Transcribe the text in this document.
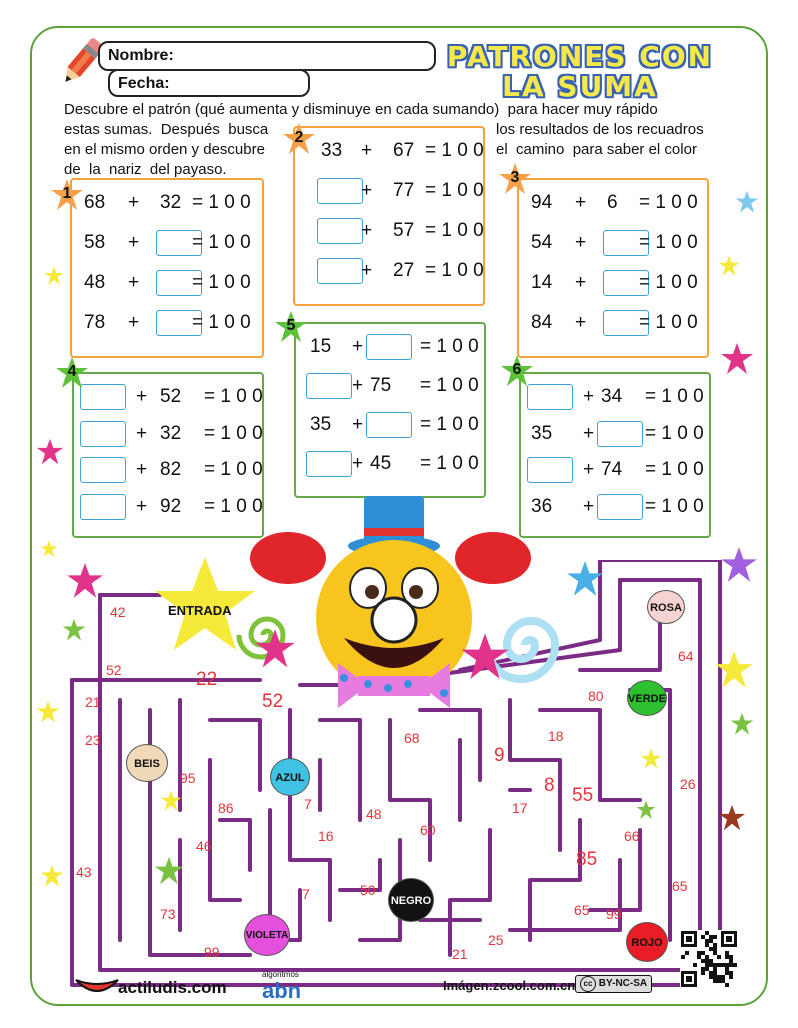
Nombre:
Fecha:
PATRONES CON
LA SUMA
Descubre el patrón (qué aumenta y disminuye en cada sumando)  para hacer muy rápido
estas sumas.  Después  busca	los resultados de los recuadros
en el mismo orden y descubre	el  camino  para saber el color
de  la  nariz  del payaso.
68 + 32 = 1 0 0
58 +	= 1 0 0
48 +	= 1 0 0
78 +	= 1 0 0
1
33 + 67 = 1 0 0
+ 77 = 1 0 0
+ 57 = 1 0 0
+ 27 = 1 0 0
2
94 + 6 = 1 0 0
54 +	= 1 0 0
14 +	= 1 0 0
84 +	= 1 0 0
3
+ 52 = 1 0 0
+ 32 = 1 0 0
+ 82 = 1 0 0
+ 92 = 1 0 0
4
15 +	= 1 0 0
+ 75 = 1 0 0
35 +	= 1 0 0
+ 45 = 1 0 0
5
+ 34 = 1 0 0
35 +	= 1 0 0
+ 74 = 1 0 0
36 +	= 1 0 0
6
ENTRADA
42
52	22
21	52
23
95
86	7
46
16
48
68
60
9
17
8 55
18
80
64
26
66
85
65
65 99
25
21
50
7
73
99
43
ROSA
VERDE
BEIS
AZUL
NEGRO
VIOLETA
ROJO
actiludis.com
algoritmos
abn	Imágen:zcool.com.cn	cc BY-NC-SA
